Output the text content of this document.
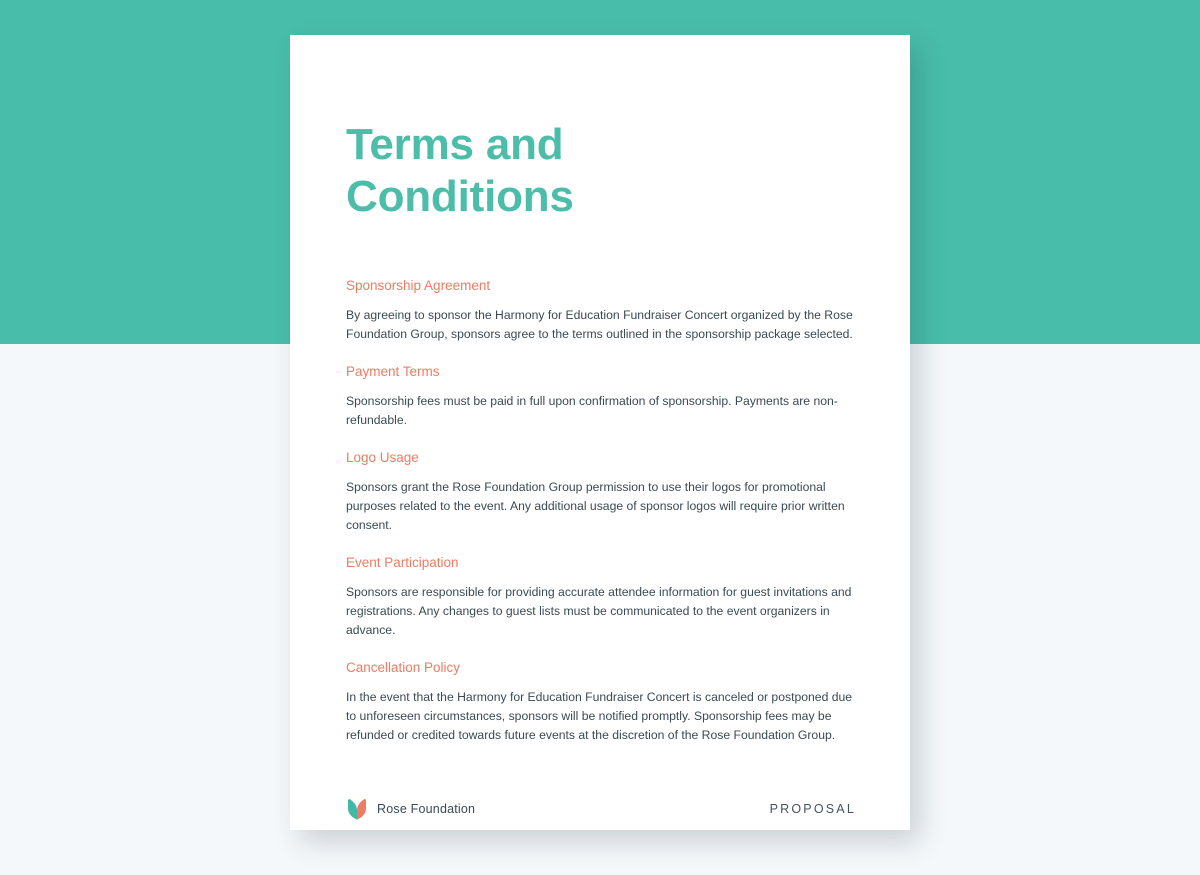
Terms and Conditions
Sponsorship Agreement

By agreeing to sponsor the Harmony for Education Fundraiser Concert organized by the Rose Foundation Group, sponsors agree to the terms outlined in the sponsorship package selected.

Payment Terms

Sponsorship fees must be paid in full upon confirmation of sponsorship. Payments are non-refundable.

Logo Usage

Sponsors grant the Rose Foundation Group permission to use their logos for promotional purposes related to the event. Any additional usage of sponsor logos will require prior written consent.

Event Participation

Sponsors are responsible for providing accurate attendee information for guest invitations and registrations. Any changes to guest lists must be communicated to the event organizers in advance.

Cancellation Policy

In the event that the Harmony for Education Fundraiser Concert is canceled or postponed due to unforeseen circumstances, sponsors will be notified promptly. Sponsorship fees may be refunded or credited towards future events at the discretion of the Rose Foundation Group.

Rose Foundation	PROPOSAL
